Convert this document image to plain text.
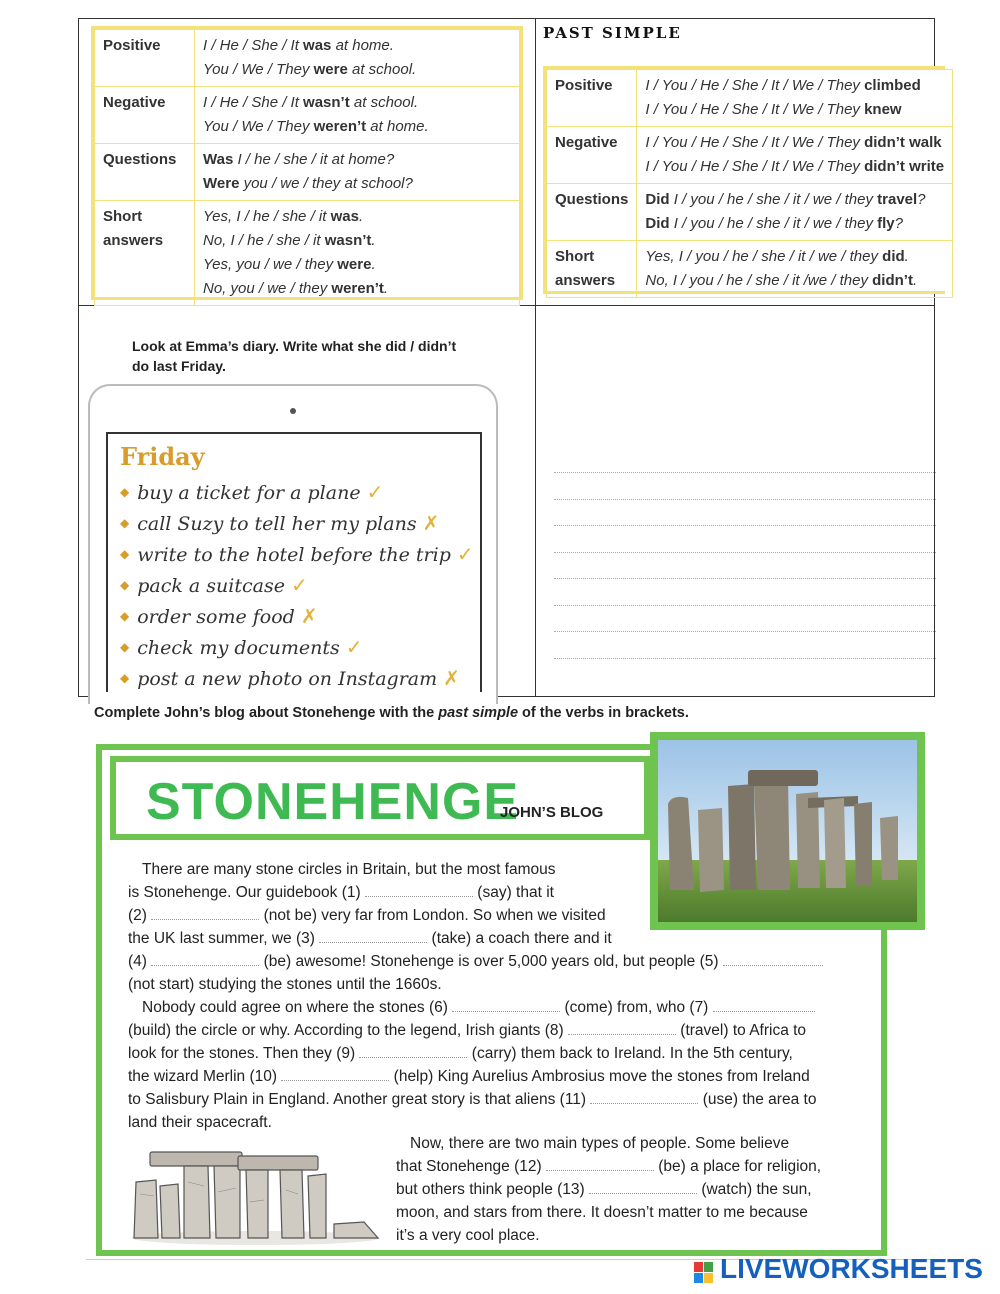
Positive	I / He / She / It was at home.
You / We / They were at school.

Negative	I / He / She / It wasn’t at school.
You / We / They weren’t at home.

Questions	Was I / he / she / it at home?
Were you / we / they at school?

Short answers	Yes, I / he / she / it was.
No, I / he / she / it wasn’t.
Yes, you / we / they were.
No, you / we / they weren’t.
PAST SIMPLE
Positive	I / You / He / She / It / We / They climbed
I / You / He / She / It / We / They knew

Negative	I / You / He / She / It / We / They didn’t walk
I / You / He / She / It / We / They didn’t write

Questions	Did I / you / he / she / it / we / they travel?
Did I / you / he / she / it / we / they fly?

Short answers	Yes, I / you / he / she / it / we / they did.
No, I / you / he / she / it /we / they didn’t.
Look at Emma’s diary. Write what she did / didn’t
do last Friday.
Friday
◆ buy a ticket for a plane ✓
◆ call Suzy to tell her my plans ✗
◆ write to the hotel before the trip ✓
◆ pack a suitcase ✓
◆ order some food ✗
◆ check my documents ✓
◆ post a new photo on Instagram ✗
Complete John’s blog about Stonehenge with the past simple of the verbs in brackets.
STONEHENGE
JOHN’S BLOG
There are many stone circles in Britain, but the most famous
is Stonehenge. Our guidebook (1)	(say) that it
(2)	(not be) very far from London. So when we visited
the UK last summer, we (3)	(take) a coach there and it
(4)	(be) awesome! Stonehenge is over 5,000 years old, but people (5)
(not start) studying the stones until the 1660s.
Nobody could agree on where the stones (6)	(come) from, who (7)
(build) the circle or why. According to the legend, Irish giants (8)	(travel) to Africa to
look for the stones. Then they (9)	(carry) them back to Ireland. In the 5th century,
the wizard Merlin (10)	(help) King Aurelius Ambrosius move the stones from Ireland
to Salisbury Plain in England. Another great story is that aliens (11)	(use) the area to
land their spacecraft.
Now, there are two main types of people. Some believe
that Stonehenge (12)	(be) a place for religion,
but others think people (13)	(watch) the sun,
moon, and stars from there. It doesn’t matter to me because
it’s a very cool place.
LIVEWORKSHEETS
